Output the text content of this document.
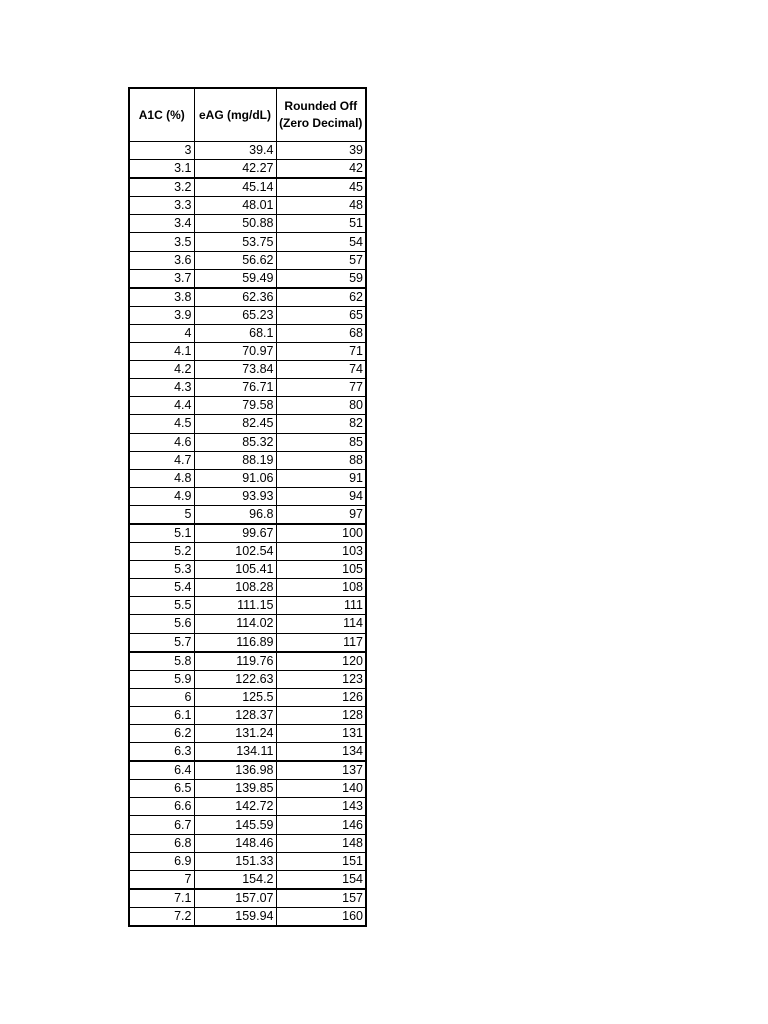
A1C (%)	eAG (mg/dL)	Rounded Off (Zero Decimal)
3	39.4	39
3.1	42.27	42
3.2	45.14	45
3.3	48.01	48
3.4	50.88	51
3.5	53.75	54
3.6	56.62	57
3.7	59.49	59
3.8	62.36	62
3.9	65.23	65
4	68.1	68
4.1	70.97	71
4.2	73.84	74
4.3	76.71	77
4.4	79.58	80
4.5	82.45	82
4.6	85.32	85
4.7	88.19	88
4.8	91.06	91
4.9	93.93	94
5	96.8	97
5.1	99.67	100
5.2	102.54	103
5.3	105.41	105
5.4	108.28	108
5.5	111.15	111
5.6	114.02	114
5.7	116.89	117
5.8	119.76	120
5.9	122.63	123
6	125.5	126
6.1	128.37	128
6.2	131.24	131
6.3	134.11	134
6.4	136.98	137
6.5	139.85	140
6.6	142.72	143
6.7	145.59	146
6.8	148.46	148
6.9	151.33	151
7	154.2	154
7.1	157.07	157
7.2	159.94	160
